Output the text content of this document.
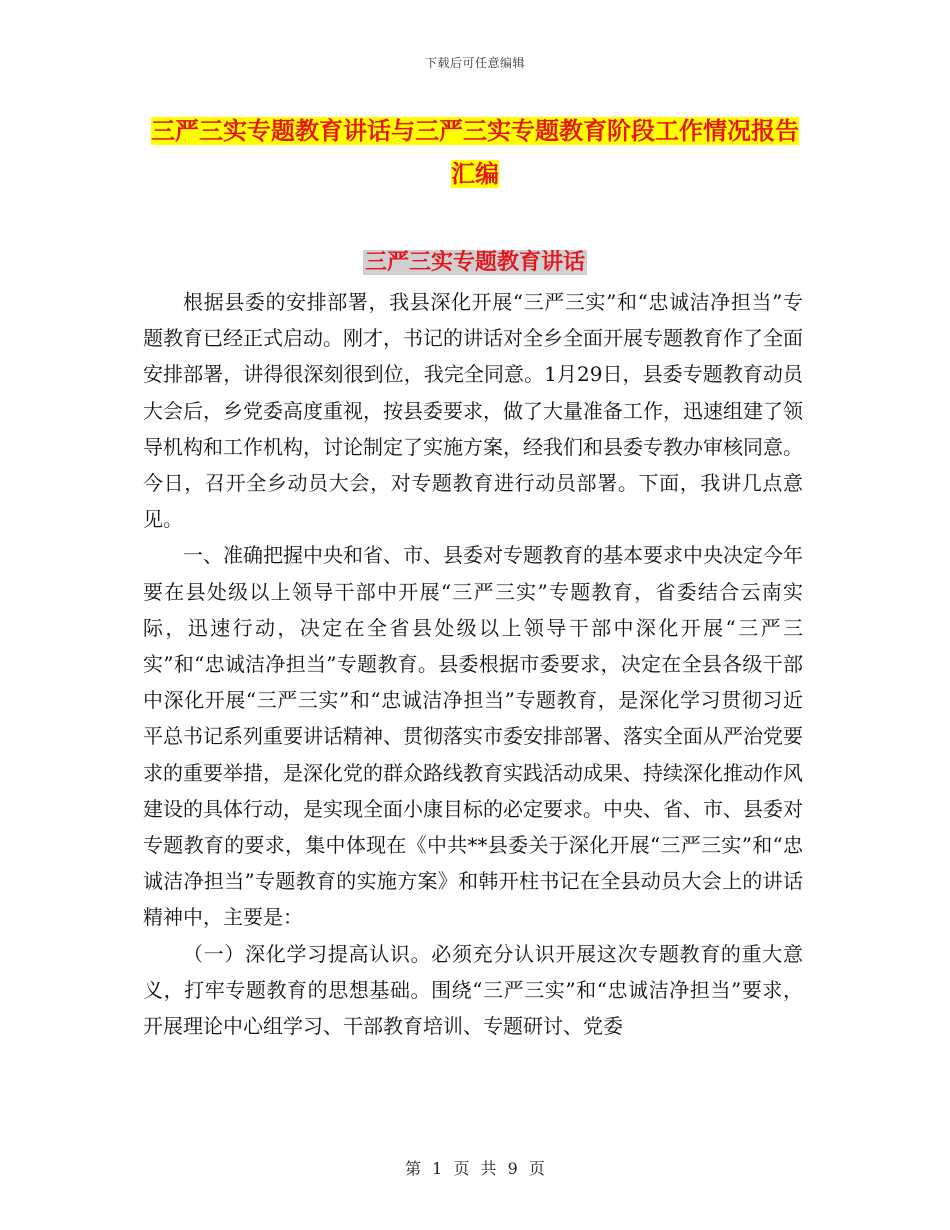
下载后可任意编辑
三严三实专题教育讲话与三严三实专题教育阶段工作情况报告汇编
三严三实专题教育讲话

根据县委的安排部署，我县深化开展“三严三实”和“忠诚洁净担当”专题教育已经正式启动。刚才，书记的讲话对全乡全面开展专题教育作了全面安排部署，讲得很深刻很到位，我完全同意。1月29日，县委专题教育动员大会后，乡党委高度重视，按县委要求，做了大量准备工作，迅速组建了领导机构和工作机构，讨论制定了实施方案，经我们和县委专教办审核同意。今日，召开全乡动员大会，对专题教育进行动员部署。下面，我讲几点意见。

一、准确把握中央和省、市、县委对专题教育的基本要求中央决定今年要在县处级以上领导干部中开展“三严三实”专题教育，省委结合云南实际，迅速行动，决定在全省县处级以上领导干部中深化开展“三严三实”和“忠诚洁净担当”专题教育。县委根据市委要求，决定在全县各级干部中深化开展“三严三实”和“忠诚洁净担当”专题教育，是深化学习贯彻习近平总书记系列重要讲话精神、贯彻落实市委安排部署、落实全面从严治党要求的重要举措，是深化党的群众路线教育实践活动成果、持续深化推动作风建设的具体行动，是实现全面小康目标的必定要求。中央、省、市、县委对专题教育的要求，集中体现在《中共**县委关于深化开展“三严三实”和“忠诚洁净担当”专题教育的实施方案》和韩开柱书记在全县动员大会上的讲话精神中，主要是：

（一）深化学习提高认识。必须充分认识开展这次专题教育的重大意义，打牢专题教育的思想基础。围绕“三严三实”和“忠诚洁净担当”要求，开展理论中心组学习、干部教育培训、专题研讨、党委

第 1 页 共 9 页
